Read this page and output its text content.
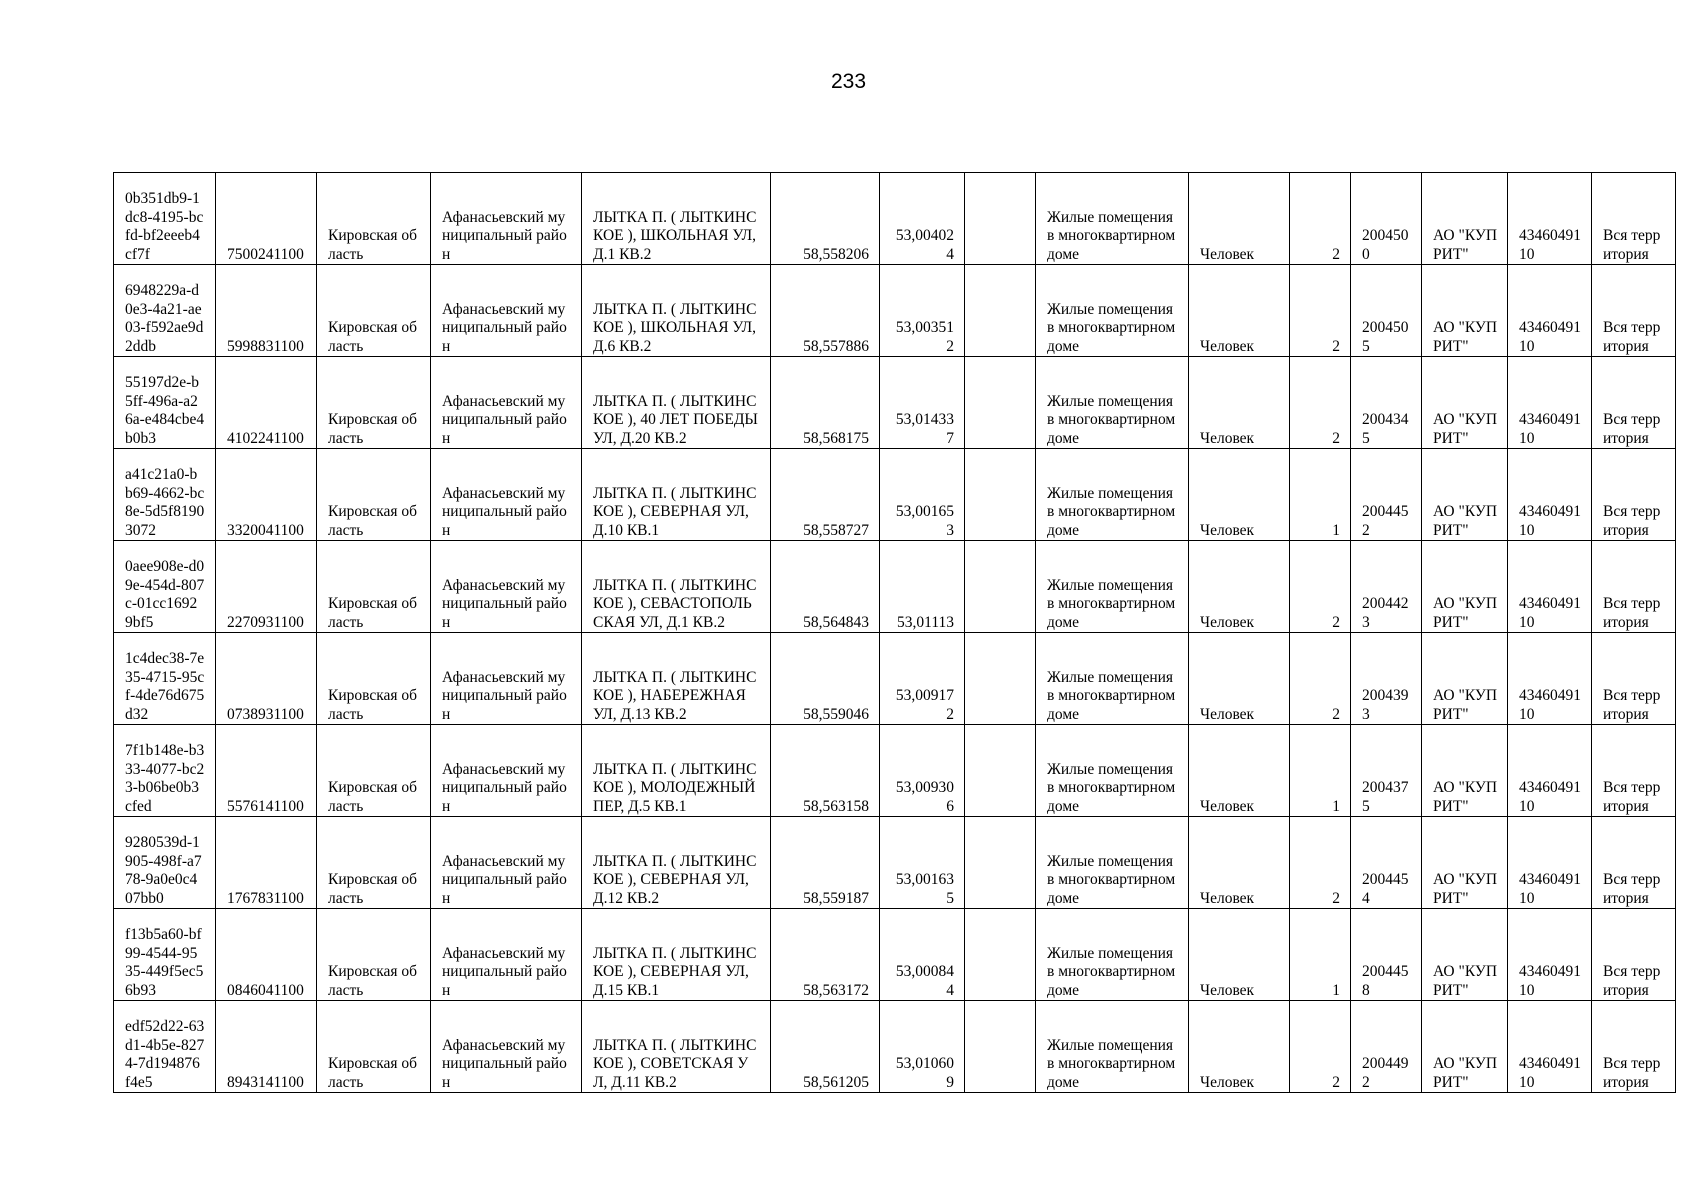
233
0b351db9-1dc8-4195-bcfd-bf2eeeb4cf7f	7500241100	Кировская область	Афанасьевский муниципальный район	ЛЫТКА П. ( ЛЫТКИНСКОЕ ), ШКОЛЬНАЯ УЛ, Д.1 КВ.2	58,558206	53,004024		Жилые помещения в многоквартирном доме	Человек	2	2004500	АО "КУПРИТ"	4346049110	Вся территория
6948229a-d0e3-4a21-ae03-f592ae9d2ddb	5998831100	Кировская область	Афанасьевский муниципальный район	ЛЫТКА П. ( ЛЫТКИНСКОЕ ), ШКОЛЬНАЯ УЛ, Д.6 КВ.2	58,557886	53,003512		Жилые помещения в многоквартирном доме	Человек	2	2004505	АО "КУПРИТ"	4346049110	Вся территория
55197d2e-b5ff-496a-a26a-e484cbe4b0b3	4102241100	Кировская область	Афанасьевский муниципальный район	ЛЫТКА П. ( ЛЫТКИНСКОЕ ), 40 ЛЕТ ПОБЕДЫ УЛ, Д.20 КВ.2	58,568175	53,014337		Жилые помещения в многоквартирном доме	Человек	2	2004345	АО "КУПРИТ"	4346049110	Вся территория
a41c21a0-bb69-4662-bc8e-5d5f81903072	3320041100	Кировская область	Афанасьевский муниципальный район	ЛЫТКА П. ( ЛЫТКИНСКОЕ ), СЕВЕРНАЯ УЛ, Д.10 КВ.1	58,558727	53,001653		Жилые помещения в многоквартирном доме	Человек	1	2004452	АО "КУПРИТ"	4346049110	Вся территория
0aee908e-d09e-454d-807c-01cc16929bf5	2270931100	Кировская область	Афанасьевский муниципальный район	ЛЫТКА П. ( ЛЫТКИНСКОЕ ), СЕВАСТОПОЛЬСКАЯ УЛ, Д.1 КВ.2	58,564843	53,01113		Жилые помещения в многоквартирном доме	Человек	2	2004423	АО "КУПРИТ"	4346049110	Вся территория
1c4dec38-7e35-4715-95cf-4de76d675d32	0738931100	Кировская область	Афанасьевский муниципальный район	ЛЫТКА П. ( ЛЫТКИНСКОЕ ), НАБЕРЕЖНАЯ УЛ, Д.13 КВ.2	58,559046	53,009172		Жилые помещения в многоквартирном доме	Человек	2	2004393	АО "КУПРИТ"	4346049110	Вся территория
7f1b148e-b333-4077-bc23-b06be0b3cfed	5576141100	Кировская область	Афанасьевский муниципальный район	ЛЫТКА П. ( ЛЫТКИНСКОЕ ), МОЛОДЕЖНЫЙ ПЕР, Д.5 КВ.1	58,563158	53,009306		Жилые помещения в многоквартирном доме	Человек	1	2004375	АО "КУПРИТ"	4346049110	Вся территория
9280539d-1905-498f-a778-9a0e0c407bb0	1767831100	Кировская область	Афанасьевский муниципальный район	ЛЫТКА П. ( ЛЫТКИНСКОЕ ), СЕВЕРНАЯ УЛ, Д.12 КВ.2	58,559187	53,001635		Жилые помещения в многоквартирном доме	Человек	2	2004454	АО "КУПРИТ"	4346049110	Вся территория
f13b5a60-bf99-4544-9535-449f5ec56b93	0846041100	Кировская область	Афанасьевский муниципальный район	ЛЫТКА П. ( ЛЫТКИНСКОЕ ), СЕВЕРНАЯ УЛ, Д.15 КВ.1	58,563172	53,000844		Жилые помещения в многоквартирном доме	Человек	1	2004458	АО "КУПРИТ"	4346049110	Вся территория
edf52d22-63d1-4b5e-8274-7d194876f4e5	8943141100	Кировская область	Афанасьевский муниципальный район	ЛЫТКА П. ( ЛЫТКИНСКОЕ ), СОВЕТСКАЯ УЛ, Д.11 КВ.2	58,561205	53,010609		Жилые помещения в многоквартирном доме	Человек	2	2004492	АО "КУПРИТ"	4346049110	Вся территория
